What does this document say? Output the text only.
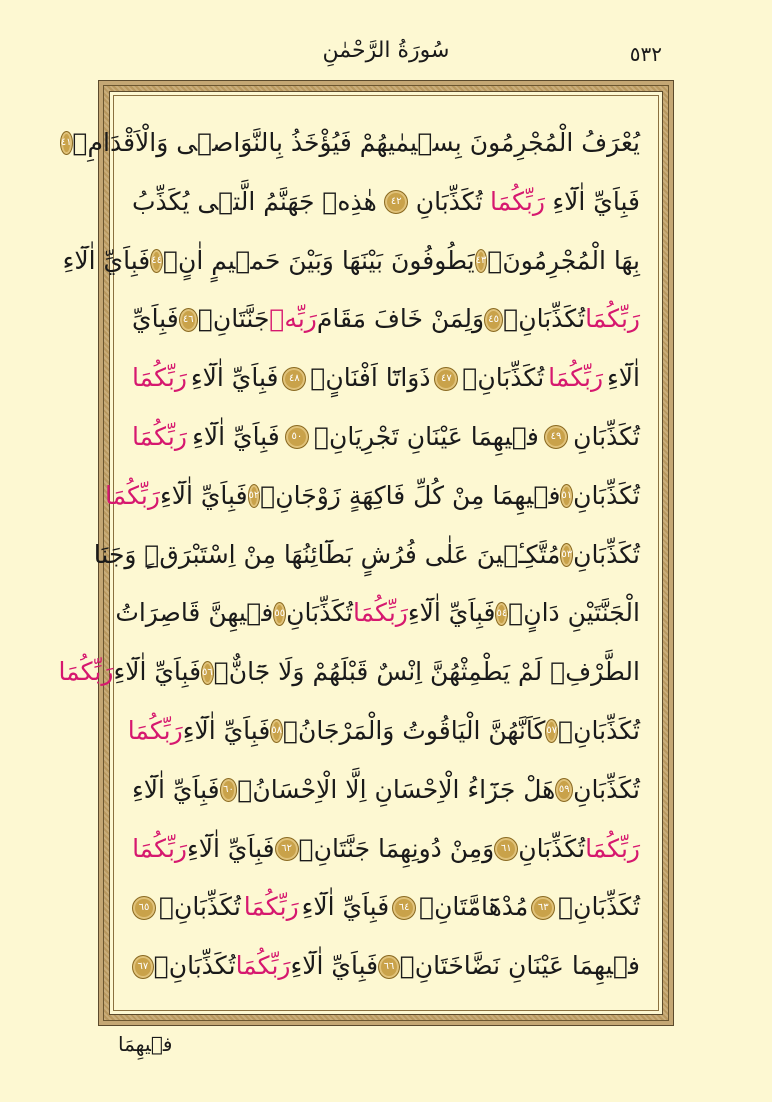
سُورَةُ الرَّحْمٰنِ	٥٣٢
يُعْرَفُ الْمُجْرِمُونَ بِسٖيمٰيهُمْ فَيُؤْخَذُ بِالنَّوَاصٖى وَالْاَقْدَامِۚ
٤١
فَبِاَيِّ اٰلَٓاءِ
رَبِّكُمَا
تُكَذِّبَانِ
٤٢
هٰذِهٖ جَهَنَّمُ الَّتٖى يُكَذِّبُ
بِهَا الْمُجْرِمُونَۢ
٤٣
يَطُوفُونَ بَيْنَهَا وَبَيْنَ حَمٖيمٍ اٰنٍۚ
٤٤
فَبِاَيِّ اٰلَٓاءِ
رَبِّكُمَا
تُكَذِّبَانِ۟
٤٥
وَلِمَنْ خَافَ مَقَامَ
رَبِّهٖ
جَنَّتَانِۚ
٤٦
فَبِاَيِّ
اٰلَٓاءِ
رَبِّكُمَا
تُكَذِّبَانِۙ
٤٧
ذَوَاتَٓا اَفْنَانٍۚ
٤٨
فَبِاَيِّ اٰلَٓاءِ
رَبِّكُمَا
تُكَذِّبَانِ
٤٩
فٖيهِمَا عَيْنَانِ تَجْرِيَانِۚ
٥٠
فَبِاَيِّ اٰلَٓاءِ
رَبِّكُمَا
تُكَذِّبَانِ
٥١
فٖيهِمَا مِنْ كُلِّ فَاكِهَةٍ زَوْجَانِۚ
٥٢
فَبِاَيِّ اٰلَٓاءِ
رَبِّكُمَا
تُكَذِّبَانِ
٥٣
مُتَّكِـٖٔينَ عَلٰى فُرُشٍ بَطَٓائِنُهَا مِنْ اِسْتَبْرَقٍۜ وَجَنَا
الْجَنَّتَيْنِ دَانٍۚ
٥٤
فَبِاَيِّ اٰلَٓاءِ
رَبِّكُمَا
تُكَذِّبَانِ
٥٥
فٖيهِنَّ قَاصِرَاتُ
الطَّرْفِۙ لَمْ يَطْمِثْهُنَّ اِنْسٌ قَبْلَهُمْ وَلَا جَٓانٌّۚ
٥٦
فَبِاَيِّ اٰلَٓاءِ
رَبِّكُمَا
تُكَذِّبَانِۚ
٥٧
كَاَنَّهُنَّ الْيَاقُوتُ وَالْمَرْجَانُۚ
٥٨
فَبِاَيِّ اٰلَٓاءِ
رَبِّكُمَا
تُكَذِّبَانِ
٥٩
هَلْ جَزَٓاءُ الْاِحْسَانِ اِلَّا الْاِحْسَانُۚ
٦٠
فَبِاَيِّ اٰلَٓاءِ
رَبِّكُمَا
تُكَذِّبَانِ
٦١
وَمِنْ دُونِهِمَا جَنَّتَانِۚ
٦٢
فَبِاَيِّ اٰلَٓاءِ
رَبِّكُمَا
تُكَذِّبَانِۙ
٦٣
مُدْهَٓامَّتَانِۚ
٦٤
فَبِاَيِّ اٰلَٓاءِ
رَبِّكُمَا
تُكَذِّبَانِۚ
٦٥
فٖيهِمَا عَيْنَانِ نَضَّاخَتَانِۚ
٦٦
فَبِاَيِّ اٰلَٓاءِ
رَبِّكُمَا
تُكَذِّبَانِۚ
٦٧
فٖيهِمَا
